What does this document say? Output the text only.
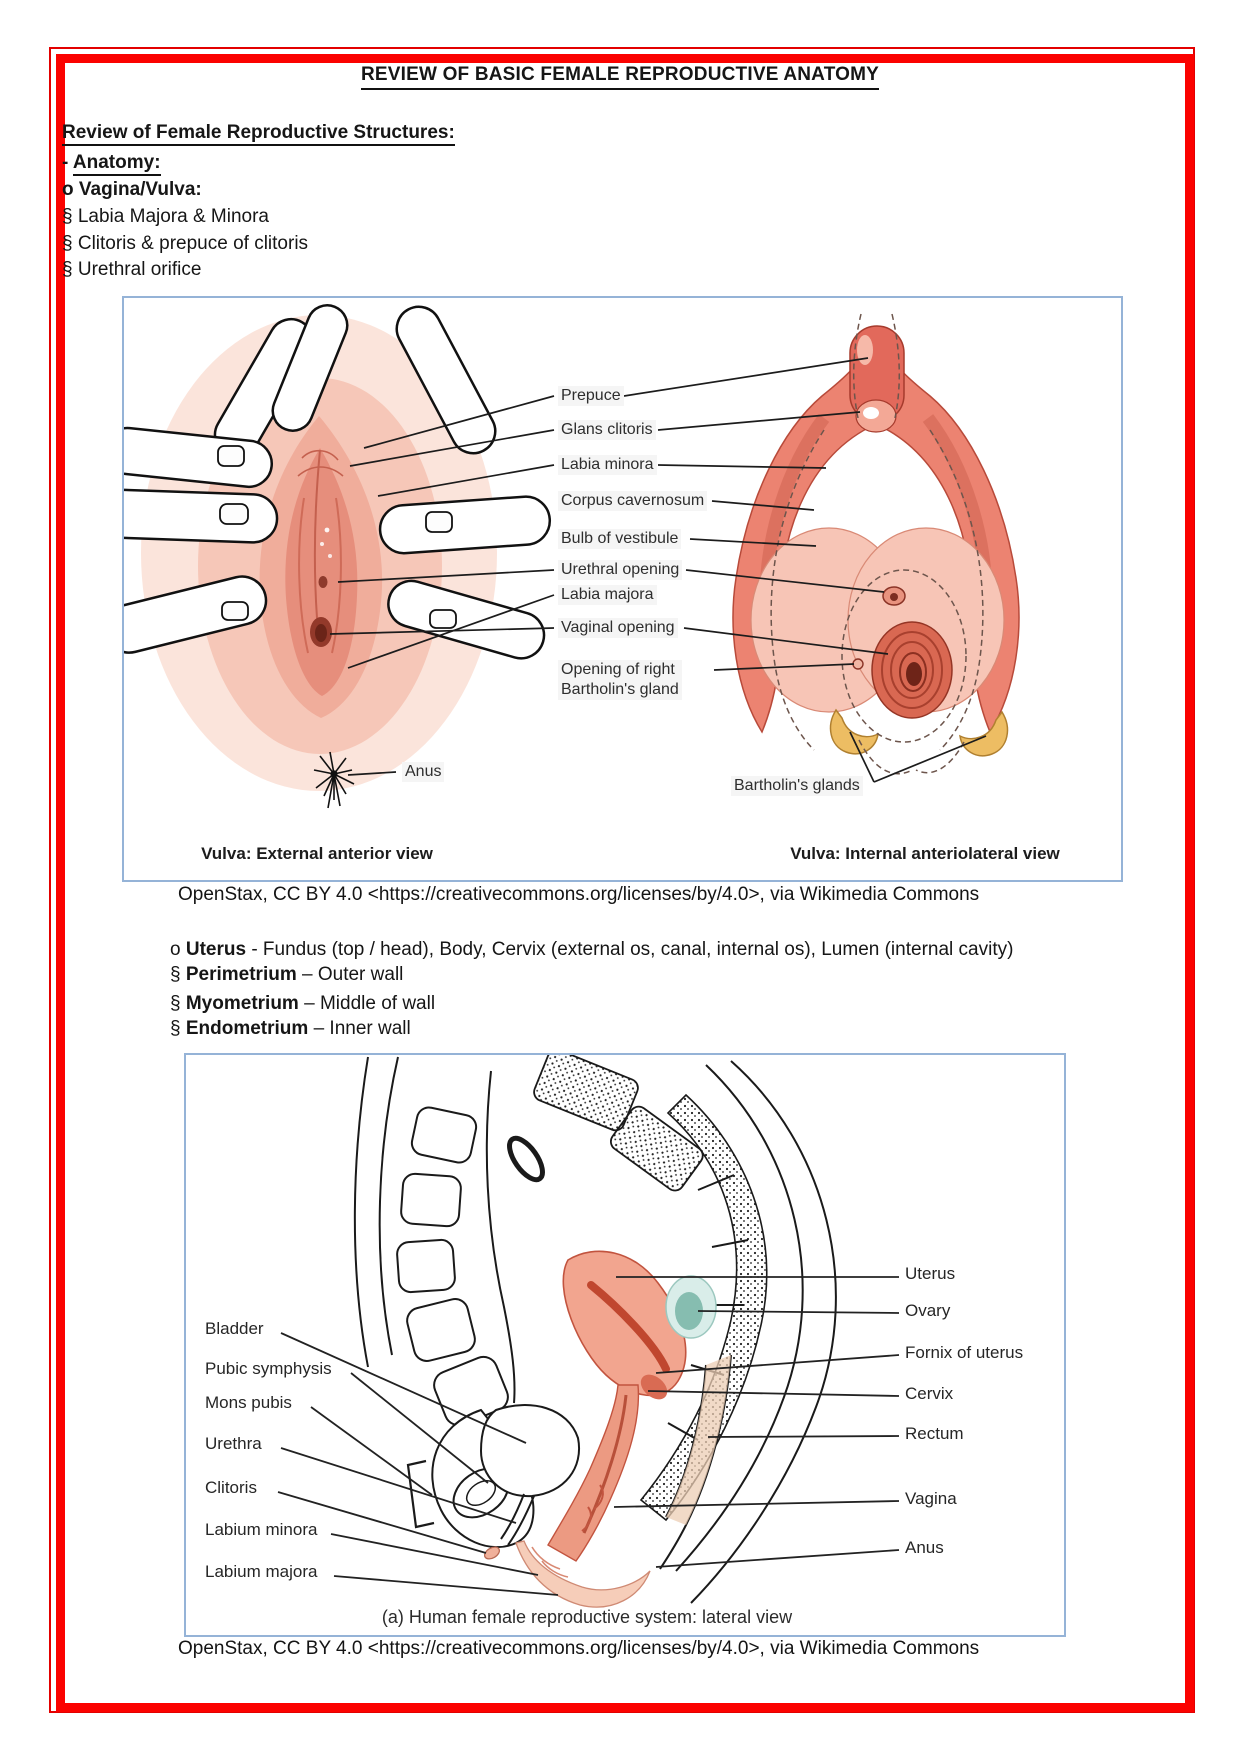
REVIEW OF BASIC FEMALE REPRODUCTIVE ANATOMY
Review of Female Reproductive Structures:
- Anatomy:
o Vagina/Vulva:
§ Labia Majora & Minora
§ Clitoris & prepuce of clitoris
§ Urethral orifice
Prepuce
Glans clitoris
Labia minora
Corpus cavernosum
Bulb of vestibule
Urethral opening
Labia majora
Vaginal opening
Opening of right
Bartholin's gland
Anus
Bartholin's glands
Vulva: External anterior view	Vulva: Internal anteriolateral view
OpenStax, CC BY 4.0 <https://creativecommons.org/licenses/by/4.0>, via Wikimedia Commons
o Uterus - Fundus (top / head), Body, Cervix (external os, canal, internal os), Lumen (internal cavity)
§ Perimetrium – Outer wall
§ Myometrium – Middle of wall
§ Endometrium – Inner wall
Bladder
Pubic symphysis
Mons pubis
Urethra
Clitoris
Labium minora
Labium majora
Uterus
Ovary
Fornix of uterus
Cervix
Rectum
Vagina
Anus
(a) Human female reproductive system: lateral view
OpenStax, CC BY 4.0 <https://creativecommons.org/licenses/by/4.0>, via Wikimedia Commons
